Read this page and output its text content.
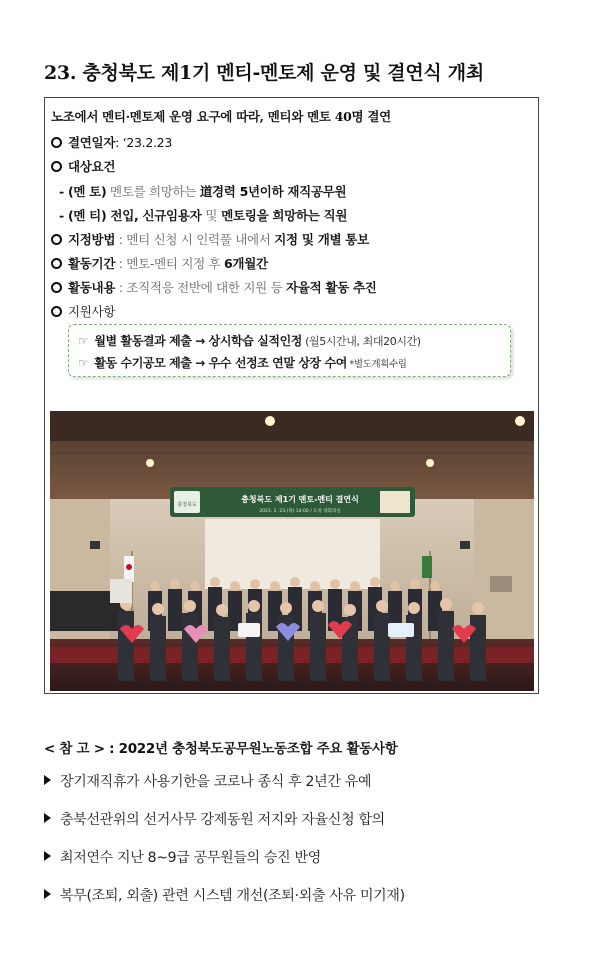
23. 충청북도 제1기 멘티-멘토제 운영 및 결연식 개최
노조에서 멘티·멘토제 운영 요구에 따라, 멘티와 멘토 40명 결연
결연일자: ‘23.2.23
대상요건
- (멘 토) 멘토를 희망하는 道경력 5년이하 재직공무원
- (멘 티) 전입, 신규임용자 및 멘토링을 희망하는 직원
지정방법 : 멘티 신청 시 인력풀 내에서 지정 및 개별 통보
활동기간 : 멘토-멘티 지정 후 6개월간
활동내용 : 조직적응 전반에 대한 지원 등 자율적 활동 추진
지원사항
☞ 월별 활동결과 제출 → 상시학습 실적인정 (월5시간내, 최대20시간)
☞ 활동 수기공모 제출 → 우수 선정조 연말 상장 수여 *별도계획수립
충청북도
충청북도 제1기 멘토-멘티 결연식
2023. 2. 23.(목) 14:00 / 도청 대회의실
< 참 고 > : 2022년 충청북도공무원노동조합 주요 활동사항
장기재직휴가 사용기한을 코로나 종식 후 2년간 유예
충북선관위의 선거사무 강제동원 저지와 자율신청 합의
최저연수 지난 8~9급 공무원들의 승진 반영
복무(조퇴, 외출) 관련 시스템 개선(조퇴·외출 사유 미기재)
